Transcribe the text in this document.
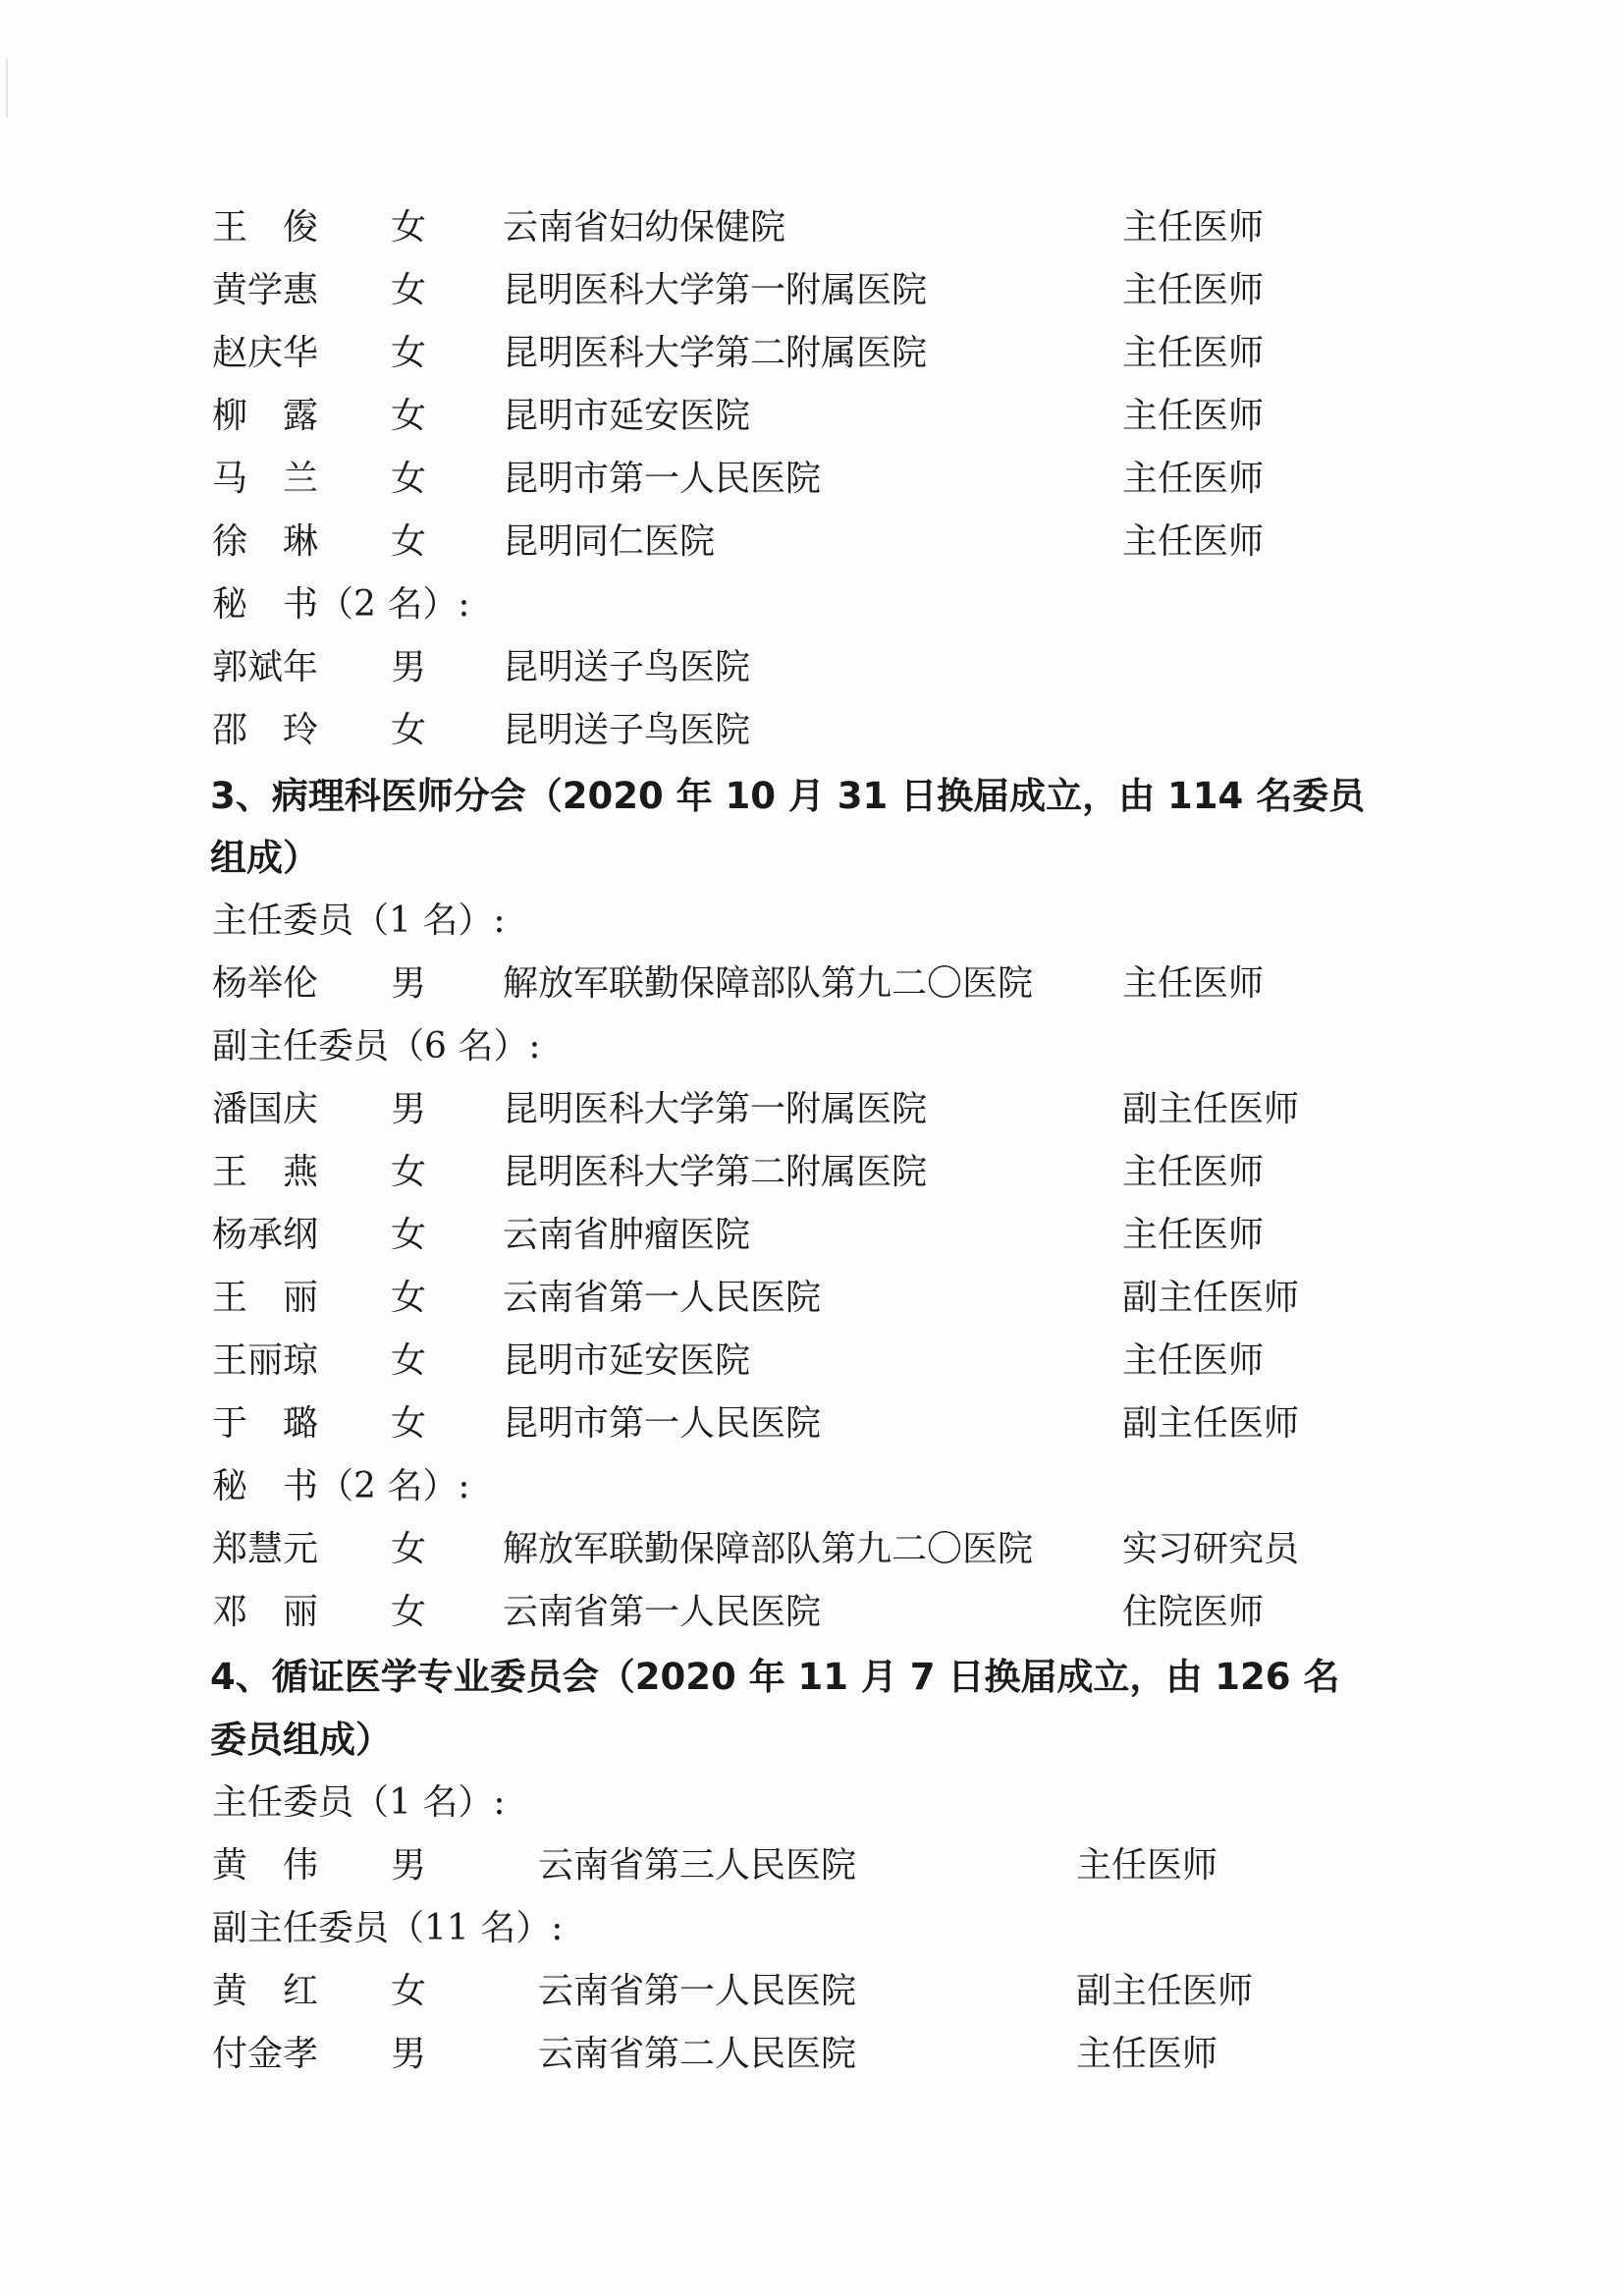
王　俊 女 云南省妇幼保健院	主任医师
黄学惠 女 昆明医科大学第一附属医院	主任医师
赵庆华 女 昆明医科大学第二附属医院	主任医师
柳　露 女 昆明市延安医院	主任医师
马　兰 女 昆明市第一人民医院	主任医师
徐　琳 女 昆明同仁医院	主任医师
秘　书（2 名）:
郭斌年 男 昆明送子鸟医院
邵　玲 女 昆明送子鸟医院
3、病理科医师分会（2020 年 10 月 31 日换届成立，由 114 名委员
组成）
主任委员（1 名）:
杨举伦 男 解放军联勤保障部队第九二〇医院	主任医师
副主任委员（6 名）:
潘国庆 男 昆明医科大学第一附属医院	副主任医师
王　燕 女 昆明医科大学第二附属医院	主任医师
杨承纲 女 云南省肿瘤医院	主任医师
王　丽 女 云南省第一人民医院	副主任医师
王丽琼 女 昆明市延安医院	主任医师
于　璐 女 昆明市第一人民医院	副主任医师
秘　书（2 名）:
郑慧元 女 解放军联勤保障部队第九二〇医院	实习研究员
邓　丽 女 云南省第一人民医院	住院医师
4、循证医学专业委员会（2020 年 11 月 7 日换届成立，由 126 名
委员组成）
主任委员（1 名）:
黄　伟 男	云南省第三人民医院	主任医师
副主任委员（11 名）:
黄　红 女	云南省第一人民医院	副主任医师
付金孝 男	云南省第二人民医院	主任医师
